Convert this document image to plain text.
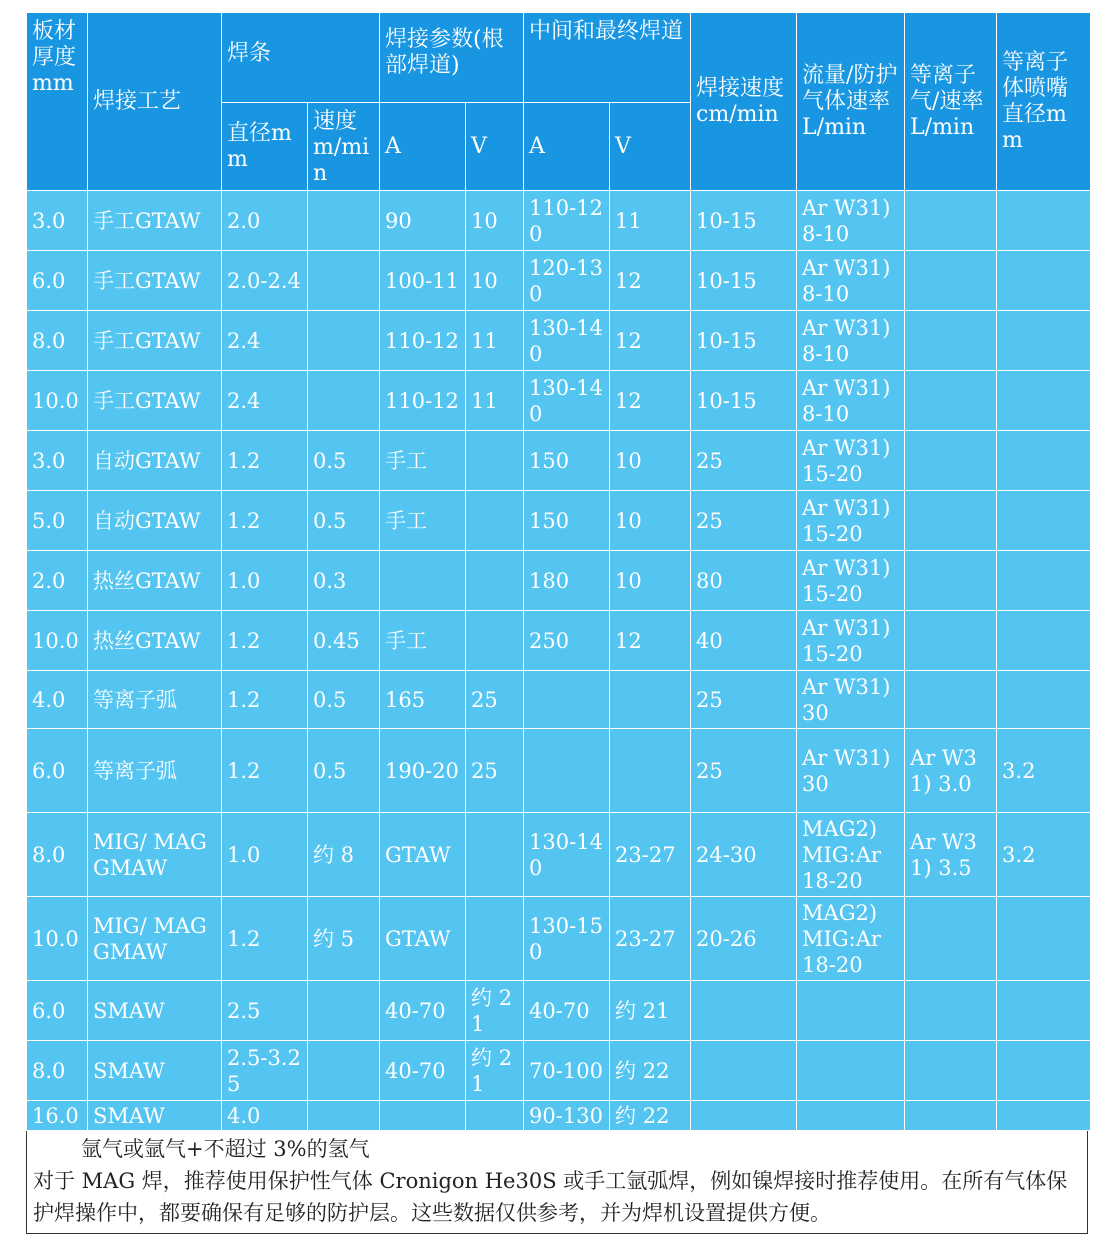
板材厚度mm	焊接工艺	焊条		焊接参数(根部焊道)		中间和最终焊道		焊接速度cm/min	流量/防护气体速率L/min	等离子气/速率L/min	等离子体喷嘴直径mm
		直径mm	速度m/min	A	V	A	V				
3.0	手工GTAW	2.0		90	10	110-120	11	10-15	Ar W31) 8-10		
6.0	手工GTAW	2.0-2.4		100-11	10	120-130	12	10-15	Ar W31) 8-10		
8.0	手工GTAW	2.4		110-12	11	130-140	12	10-15	Ar W31) 8-10		
10.0	手工GTAW	2.4		110-12	11	130-140	12	10-15	Ar W31) 8-10		
3.0	自动GTAW	1.2	0.5	手工		150	10	25	Ar W31) 15-20		
5.0	自动GTAW	1.2	0.5	手工		150	10	25	Ar W31) 15-20		
2.0	热丝GTAW	1.0	0.3			180	10	80	Ar W31) 15-20		
10.0	热丝GTAW	1.2	0.45	手工		250	12	40	Ar W31) 15-20		
4.0	等离子弧	1.2	0.5	165	25			25	Ar W31) 30		
6.0	等离子弧	1.2	0.5	190-20	25			25	Ar W31) 30	Ar W31) 3.0	3.2
8.0	MIG/ MAG GMAW	1.0	约 8	GTAW		130-140	23-27	24-30	MAG2) MIG:Ar 18-20	Ar W31) 3.5	3.2
10.0	MIG/ MAG GMAW	1.2	约 5	GTAW		130-150	23-27	20-26	MAG2) MIG:Ar 18-20		
6.0	SMAW	2.5		40-70	约 21	40-70	约 21				
8.0	SMAW	2.5-3.25		40-70	约 21	70-100	约 22				
16.0	SMAW	4.0				90-130	约 22				
氩气或氩气+不超过 3%的氢气
对于 MAG 焊，推荐使用保护性气体 Cronigon He30S 或手工氩弧焊，例如镍焊接时推荐使用。在所有气体保护焊操作中，都要确保有足够的防护层。这些数据仅供参考，并为焊机设置提供方便。
